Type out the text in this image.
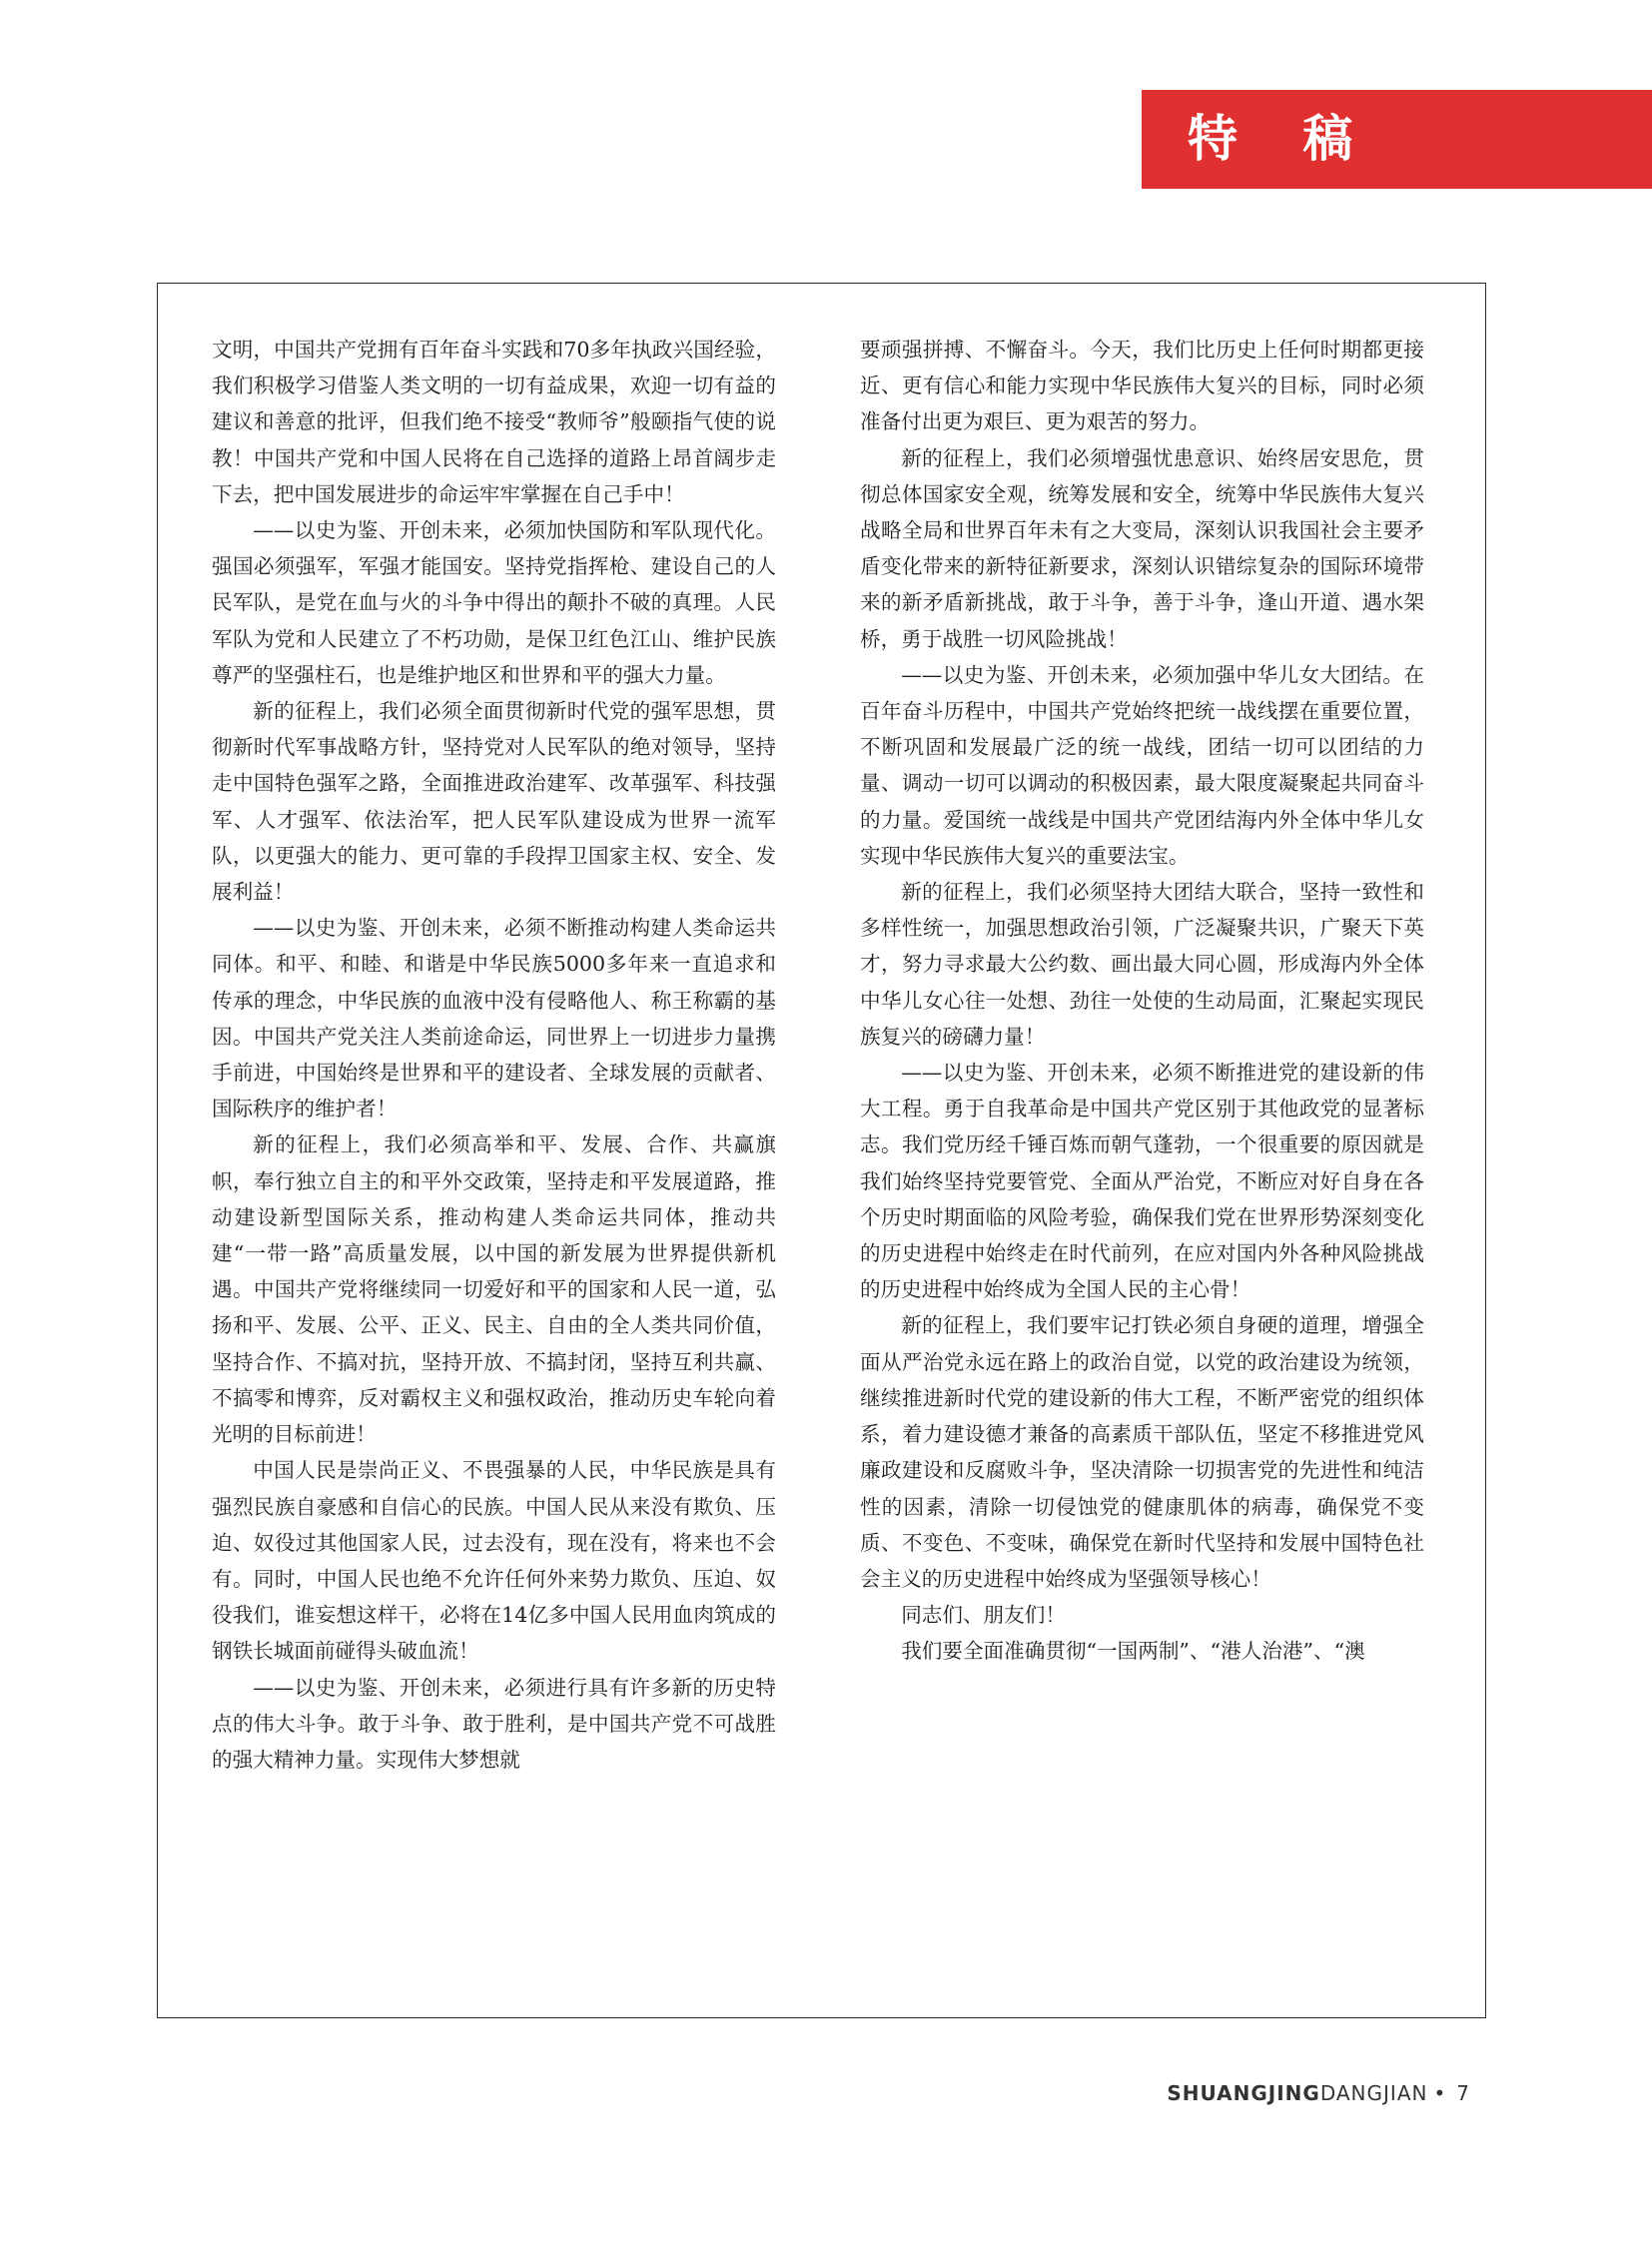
特 稿

文明，中国共产党拥有百年奋斗实践和70多年执政兴国经验，我们积极学习借鉴人类文明的一切有益成果，欢迎一切有益的建议和善意的批评，但我们绝不接受“教师爷”般颐指气使的说教！中国共产党和中国人民将在自己选择的道路上昂首阔步走下去，把中国发展进步的命运牢牢掌握在自己手中！

——以史为鉴、开创未来，必须加快国防和军队现代化。强国必须强军，军强才能国安。坚持党指挥枪、建设自己的人民军队，是党在血与火的斗争中得出的颠扑不破的真理。人民军队为党和人民建立了不朽功勋，是保卫红色江山、维护民族尊严的坚强柱石，也是维护地区和世界和平的强大力量。

新的征程上，我们必须全面贯彻新时代党的强军思想，贯彻新时代军事战略方针，坚持党对人民军队的绝对领导，坚持走中国特色强军之路，全面推进政治建军、改革强军、科技强军、人才强军、依法治军，把人民军队建设成为世界一流军队，以更强大的能力、更可靠的手段捍卫国家主权、安全、发展利益！

——以史为鉴、开创未来，必须不断推动构建人类命运共同体。和平、和睦、和谐是中华民族5000多年来一直追求和传承的理念，中华民族的血液中没有侵略他人、称王称霸的基因。中国共产党关注人类前途命运，同世界上一切进步力量携手前进，中国始终是世界和平的建设者、全球发展的贡献者、国际秩序的维护者！

新的征程上，我们必须高举和平、发展、合作、共赢旗帜，奉行独立自主的和平外交政策，坚持走和平发展道路，推动建设新型国际关系，推动构建人类命运共同体，推动共建“一带一路”高质量发展，以中国的新发展为世界提供新机遇。中国共产党将继续同一切爱好和平的国家和人民一道，弘扬和平、发展、公平、正义、民主、自由的全人类共同价值，坚持合作、不搞对抗，坚持开放、不搞封闭，坚持互利共赢、不搞零和博弈，反对霸权主义和强权政治，推动历史车轮向着光明的目标前进！

中国人民是崇尚正义、不畏强暴的人民，中华民族是具有强烈民族自豪感和自信心的民族。中国人民从来没有欺负、压迫、奴役过其他国家人民，过去没有，现在没有，将来也不会有。同时，中国人民也绝不允许任何外来势力欺负、压迫、奴役我们，谁妄想这样干，必将在14亿多中国人民用血肉筑成的钢铁长城面前碰得头破血流！

——以史为鉴、开创未来，必须进行具有许多新的历史特点的伟大斗争。敢于斗争、敢于胜利，是中国共产党不可战胜的强大精神力量。实现伟大梦想就

要顽强拼搏、不懈奋斗。今天，我们比历史上任何时期都更接近、更有信心和能力实现中华民族伟大复兴的目标，同时必须准备付出更为艰巨、更为艰苦的努力。

新的征程上，我们必须增强忧患意识、始终居安思危，贯彻总体国家安全观，统筹发展和安全，统筹中华民族伟大复兴战略全局和世界百年未有之大变局，深刻认识我国社会主要矛盾变化带来的新特征新要求，深刻认识错综复杂的国际环境带来的新矛盾新挑战，敢于斗争，善于斗争，逢山开道、遇水架桥，勇于战胜一切风险挑战！

——以史为鉴、开创未来，必须加强中华儿女大团结。在百年奋斗历程中，中国共产党始终把统一战线摆在重要位置，不断巩固和发展最广泛的统一战线，团结一切可以团结的力量、调动一切可以调动的积极因素，最大限度凝聚起共同奋斗的力量。爱国统一战线是中国共产党团结海内外全体中华儿女实现中华民族伟大复兴的重要法宝。

新的征程上，我们必须坚持大团结大联合，坚持一致性和多样性统一，加强思想政治引领，广泛凝聚共识，广聚天下英才，努力寻求最大公约数、画出最大同心圆，形成海内外全体中华儿女心往一处想、劲往一处使的生动局面，汇聚起实现民族复兴的磅礴力量！

——以史为鉴、开创未来，必须不断推进党的建设新的伟大工程。勇于自我革命是中国共产党区别于其他政党的显著标志。我们党历经千锤百炼而朝气蓬勃，一个很重要的原因就是我们始终坚持党要管党、全面从严治党，不断应对好自身在各个历史时期面临的风险考验，确保我们党在世界形势深刻变化的历史进程中始终走在时代前列，在应对国内外各种风险挑战的历史进程中始终成为全国人民的主心骨！

新的征程上，我们要牢记打铁必须自身硬的道理，增强全面从严治党永远在路上的政治自觉，以党的政治建设为统领，继续推进新时代党的建设新的伟大工程，不断严密党的组织体系，着力建设德才兼备的高素质干部队伍，坚定不移推进党风廉政建设和反腐败斗争，坚决清除一切损害党的先进性和纯洁性的因素，清除一切侵蚀党的健康肌体的病毒，确保党不变质、不变色、不变味，确保党在新时代坚持和发展中国特色社会主义的历史进程中始终成为坚强领导核心！

同志们、朋友们！

我们要全面准确贯彻“一国两制”、“港人治港”、“澳

SHUANGJINGDANGJIAN • 7
